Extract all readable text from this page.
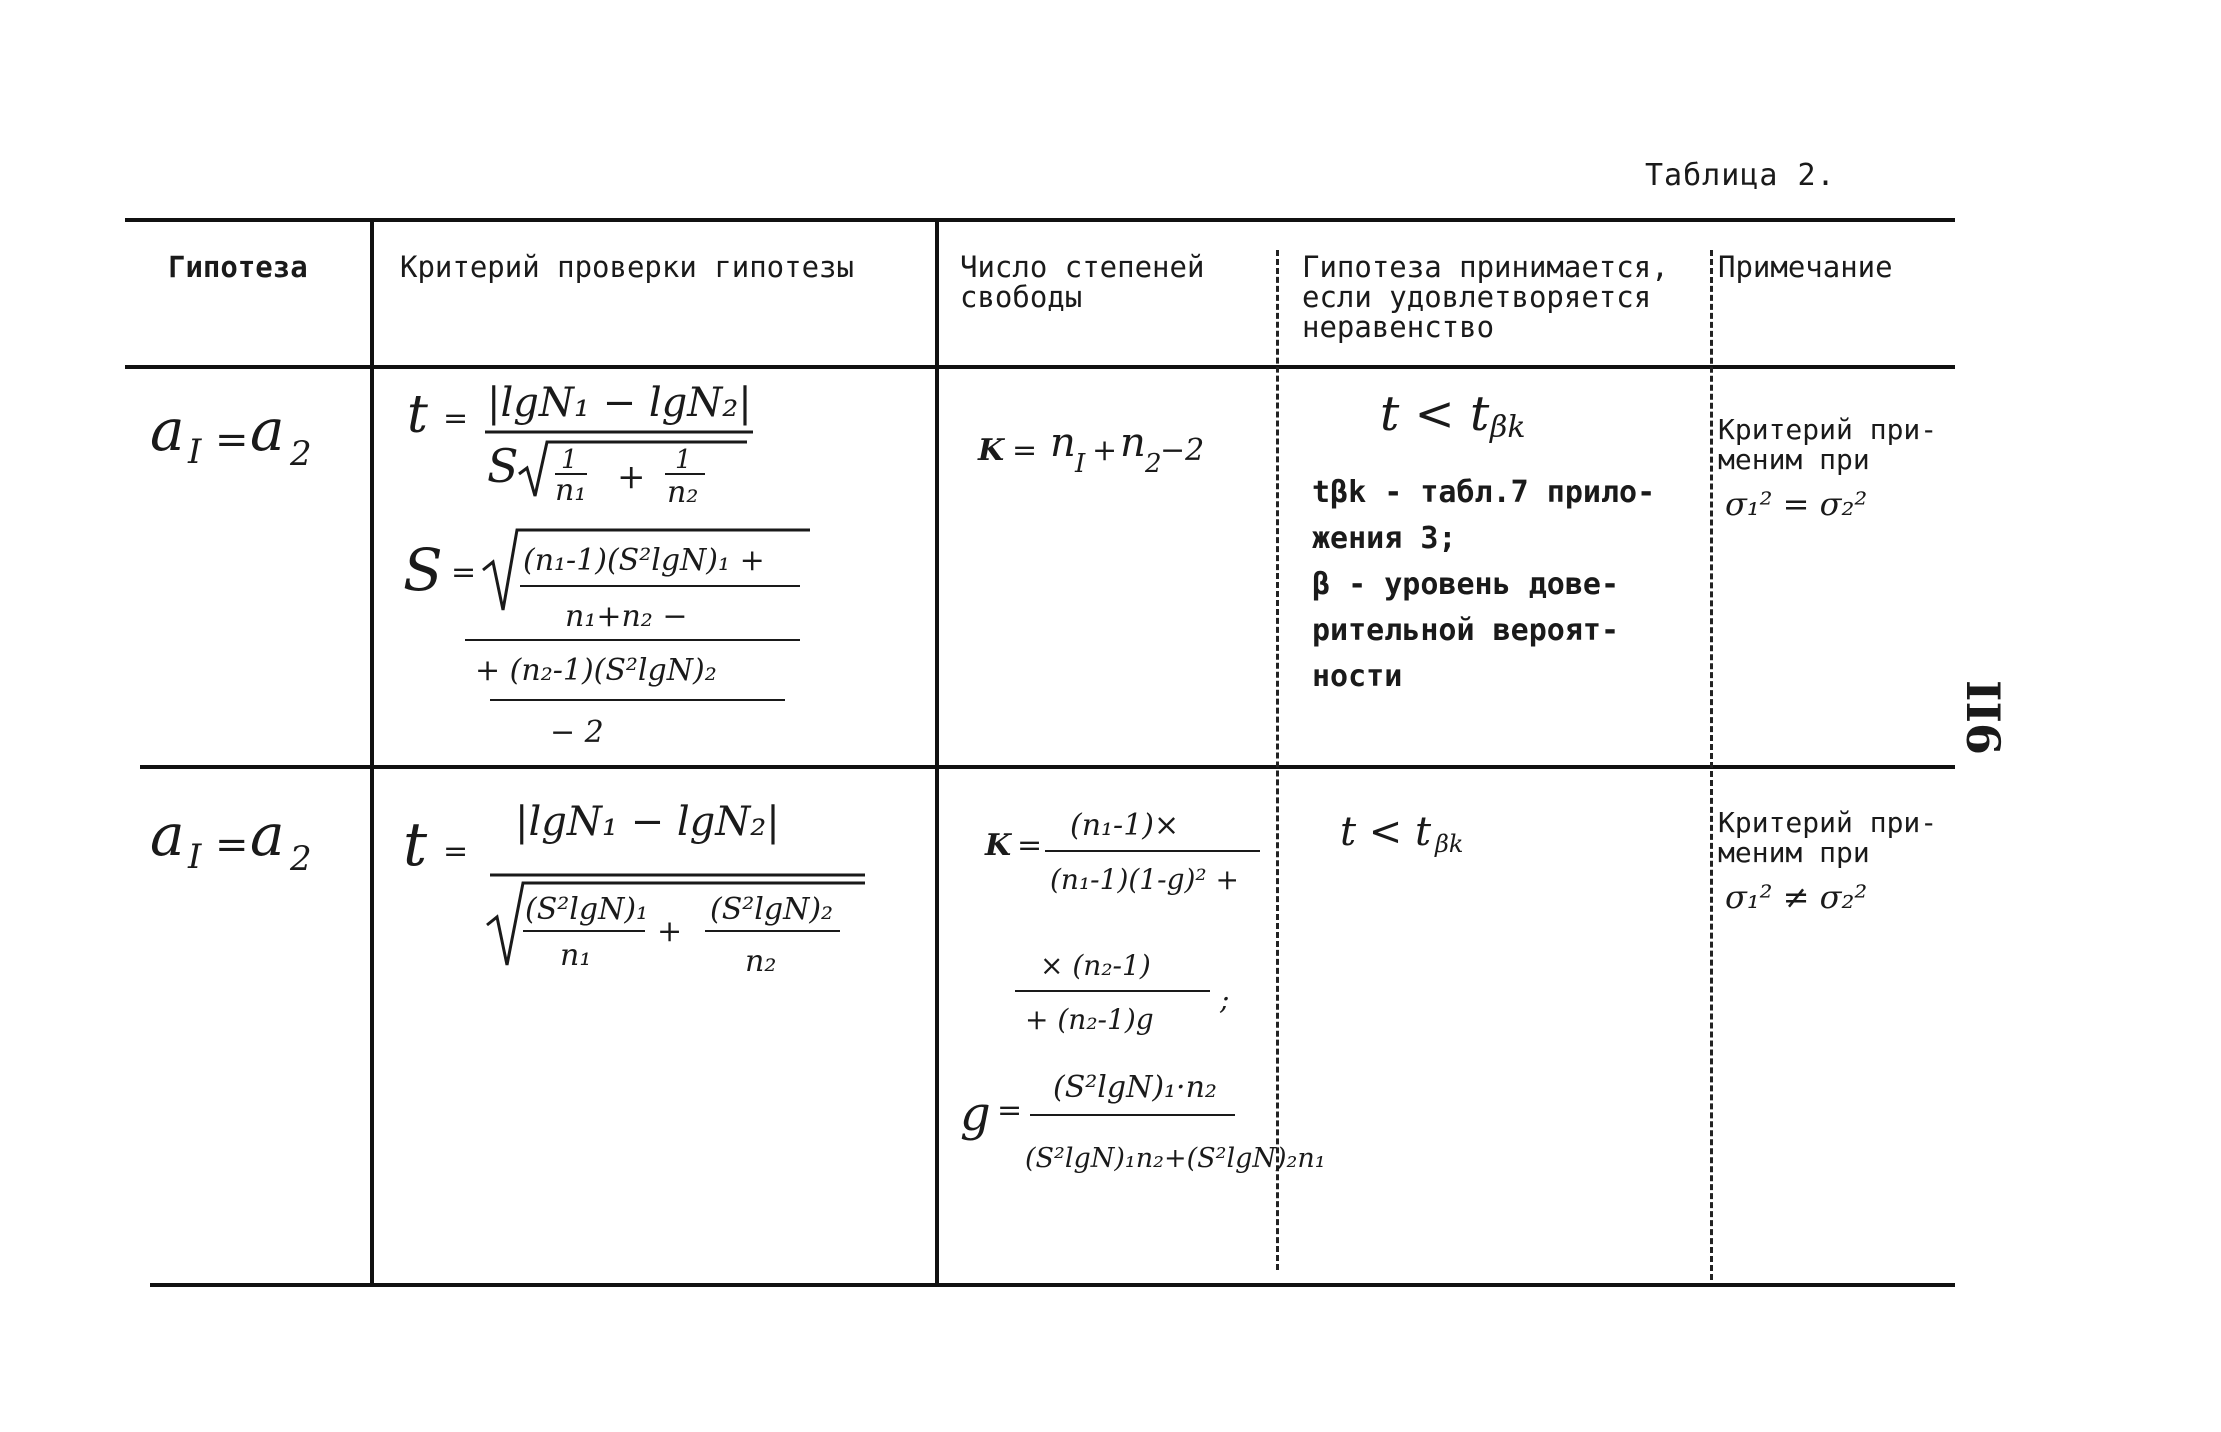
Таблица 2.
II6
Гипотеза	Критерий проверки гипотезы	Число степеней
свободы
Гипотеза принимается,
если удовлетворяется
неравенство
Примечание
a I = a 2
t = |lgN₁ − lgN₂|
S 1
n₁ + 1
n₂
S = (n₁-1)(S²lgN)₁ +
n₁+n₂ −
+ (n₂-1)(S²lgN)₂
− 2
K = n I + n 2
−2
t < t βk
tβk - табл.7 прило-
жения 3;
β - уровень дове-
рительной вероят-
ности
Критерий при-
меним при
σ₁² = σ₂²
a I = a 2 t =
|lgN₁ − lgN₂|
(S²lgN)₁
n₁
+
(S²lgN)₂
n₂
K =
(n₁-1)×
(n₁-1)(1-g)² +
× (n₂-1)
+ (n₂-1)g
;
g =
(S²lgN)₁·n₂
(S²lgN)₁n₂+(S²lgN)₂n₁
t < t βk
Критерий при-
меним при
σ₁² ≠ σ₂²
